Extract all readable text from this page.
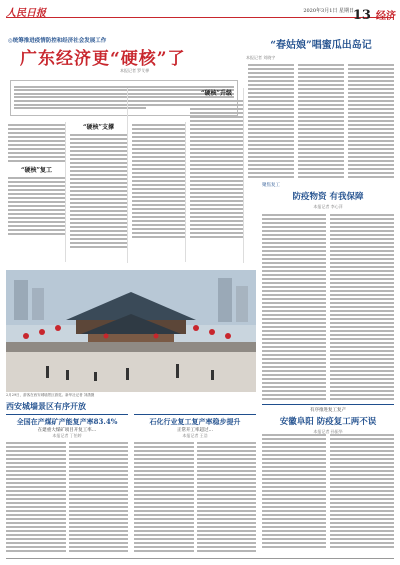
人民日报	2020年3月1日 星期日
13 经济
◎统筹推进疫情防控和经济社会发展工作
广东经济更“硬核”了
本报记者 罗艾桦
“硬核”复工
“硬核”支撑
“硬核”升级
“春姑娘”唱蜜瓜出岛记
本报记者 刘晓宇
聚焦复工
防疫物资 有我保障
本报记者 李心萍
2月29日，游客在西安城墙景区游览。新华社记者 刘潇摄
西安城墙景区有序开放	有序推进复工复产
安徽阜阳 防疫复工两不误
本报记者 孙振华
全国在产煤矿产能复产率83.4%
在建重大煤矿项目开复工率…
本报记者 丁怡婷
石化行业复工复产率稳步提升
正常开工率超过…
本报记者 王浩
